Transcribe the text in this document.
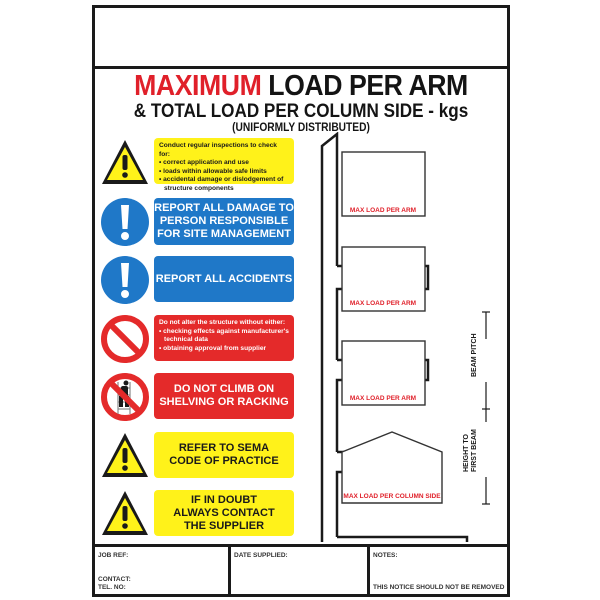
MAXIMUM LOAD PER ARM
& TOTAL LOAD PER COLUMN SIDE - kgs
(UNIFORMLY DISTRIBUTED)
Conduct regular inspections to check for:
• correct application and use
• loads within allowable safe limits
• accidental damage or dislodgement of
structure components
REPORT ALL DAMAGE TO
PERSON RESPONSIBLE
FOR SITE MANAGEMENT
REPORT ALL ACCIDENTS
Do not alter the structure without either:
• checking effects against manufacturer's
technical data
• obtaining approval from supplier
DO NOT CLIMB ON
SHELVING OR RACKING
REFER TO SEMA
CODE OF PRACTICE
IF IN DOUBT
ALWAYS CONTACT
THE SUPPLIER
MAX LOAD PER ARM
MAX LOAD PER ARM
MAX LOAD PER ARM
MAX LOAD PER COLUMN SIDE
BEAM PITCH
HEIGHT TO FIRST BEAM
JOB REF:
CONTACT:
TEL. NO:
DATE SUPPLIED:	NOTES:
THIS NOTICE SHOULD NOT BE REMOVED
